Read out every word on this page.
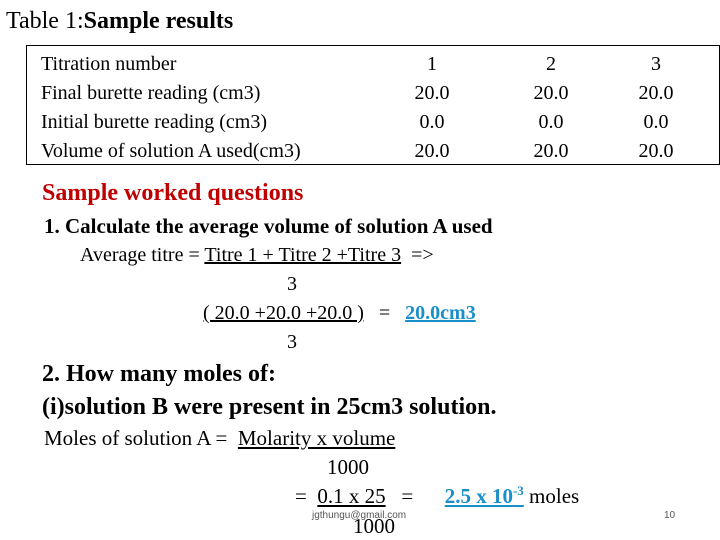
Table 1:Sample results
Titration number
Final burette reading (cm3)
Initial burette reading (cm3)
Volume of solution A used(cm3)
1
20.0
0.0
20.0
2
20.0
0.0
20.0
3
20.0
0.0
20.0
Sample worked questions
1. Calculate the average volume of solution A used
Average titre = Titre 1 + Titre 2 +Titre 3 =>
3
( 20.0 +20.0 +20.0 ) = 20.0cm3
3
2. How many moles of:
(i)solution B were present in 25cm3 solution.
Moles of solution A = Molarity x volume
1000
= 0.1 x 25 = 2.5 x $10^{-3}$ moles
jgthungu@gmail.com
1000	10
